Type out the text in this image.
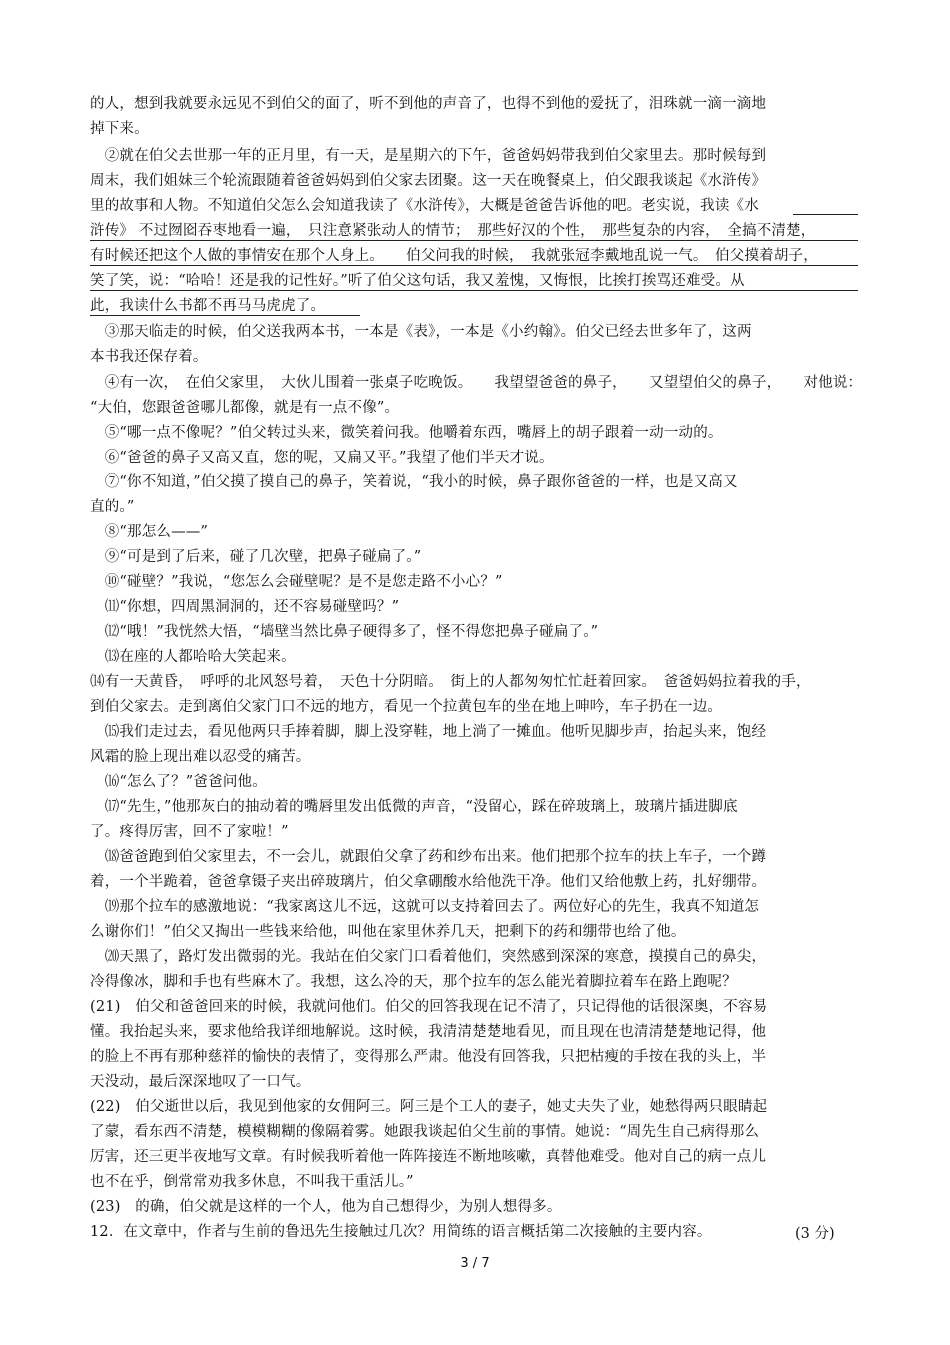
的人，想到我就要永远见不到伯父的面了，听不到他的声音了，也得不到他的爱抚了，泪珠就一滴一滴地
掉下来。
　②就在伯父去世那一年的正月里，有一天，是星期六的下午，爸爸妈妈带我到伯父家里去。那时候每到
周末，我们姐妹三个轮流跟随着爸爸妈妈到伯父家去团聚。这一天在晚餐桌上，伯父跟我谈起《水浒传》
里的故事和人物。不知道伯父怎么会知道我读了《水浒传》，大概是爸爸告诉他的吧。老实说，我读《水
浒传》 不过囫囵吞枣地看一遍，　只注意紧张动人的情节；　那些好汉的个性，　那些复杂的内容，　全搞不清楚，
有时候还把这个人做的事情安在那个人身上。　　伯父问我的时候，　我就张冠李戴地乱说一气。　伯父摸着胡子，
笑了笑，说：“哈哈！还是我的记性好。”听了伯父这句话，我又羞愧，又悔恨，比挨打挨骂还难受。从
此，我读什么书都不再马马虎虎了。
　③那天临走的时候，伯父送我两本书，一本是《表》，一本是《小约翰》。伯父已经去世多年了，这两
本书我还保存着。
　④有一次，　在伯父家里，　大伙儿围着一张桌子吃晚饭。　　我望望爸爸的鼻子，　　又望望伯父的鼻子，　　对他说：
“大伯，您跟爸爸哪儿都像，就是有一点不像”。
　⑤“哪一点不像呢？”伯父转过头来，微笑着问我。他嚼着东西，嘴唇上的胡子跟着一动一动的。
　⑥“爸爸的鼻子又高又直，您的呢，又扁又平。”我望了他们半天才说。
　⑦“你不知道，”伯父摸了摸自己的鼻子，笑着说，“我小的时候，鼻子跟你爸爸的一样，也是又高又
直的。”
　⑧“那怎么——”
　⑨“可是到了后来，碰了几次壁，把鼻子碰扁了。”
　⑩“碰壁？”我说，“您怎么会碰壁呢？是不是您走路不小心？”
　⑾“你想，四周黑洞洞的，还不容易碰壁吗？”
　⑿“哦！”我恍然大悟，“墙壁当然比鼻子硬得多了，怪不得您把鼻子碰扁了。”
　⒀在座的人都哈哈大笑起来。
⒁有一天黄昏，　呼呼的北风怒号着，　天色十分阴暗。　街上的人都匆匆忙忙赶着回家。　爸爸妈妈拉着我的手，
到伯父家去。走到离伯父家门口不远的地方，看见一个拉黄包车的坐在地上呻吟，车子扔在一边。
　⒂我们走过去，看见他两只手捧着脚，脚上没穿鞋，地上淌了一摊血。他听见脚步声，抬起头来，饱经
风霜的脸上现出难以忍受的痛苦。
　⒃“怎么了？”爸爸问他。
　⒄“先生，”他那灰白的抽动着的嘴唇里发出低微的声音，“没留心，踩在碎玻璃上，玻璃片插进脚底
了。疼得厉害，回不了家啦！”
　⒅爸爸跑到伯父家里去，不一会儿，就跟伯父拿了药和纱布出来。他们把那个拉车的扶上车子，一个蹲
着，一个半跪着，爸爸拿镊子夹出碎玻璃片，伯父拿硼酸水给他洗干净。他们又给他敷上药，扎好绷带。
　⒆那个拉车的感激地说：“我家离这儿不远，这就可以支持着回去了。两位好心的先生，我真不知道怎
么谢你们！”伯父又掏出一些钱来给他，叫他在家里休养几天，把剩下的药和绷带也给了他。
　⒇天黑了，路灯发出微弱的光。我站在伯父家门口看着他们，突然感到深深的寒意，摸摸自己的鼻尖，
冷得像冰，脚和手也有些麻木了。我想，这么冷的天，那个拉车的怎么能光着脚拉着车在路上跑呢？
(21)　伯父和爸爸回来的时候，我就问他们。伯父的回答我现在记不清了，只记得他的话很深奥，不容易
懂。我抬起头来，要求他给我详细地解说。这时候，我清清楚楚地看见，而且现在也清清楚楚地记得，他
的脸上不再有那种慈祥的愉快的表情了，变得那么严肃。他没有回答我，只把枯瘦的手按在我的头上，半
天没动，最后深深地叹了一口气。
(22)　伯父逝世以后，我见到他家的女佣阿三。阿三是个工人的妻子，她丈夫失了业，她愁得两只眼睛起
了蒙，看东西不清楚，模模糊糊的像隔着雾。她跟我谈起伯父生前的事情。她说：“周先生自己病得那么
厉害，还三更半夜地写文章。有时候我听着他一阵阵接连不断地咳嗽，真替他难受。他对自己的病一点儿
也不在乎，倒常常劝我多休息，不叫我干重活儿。”
(23)　的确，伯父就是这样的一个人，他为自己想得少，为别人想得多。
12．在文章中，作者与生前的鲁迅先生接触过几次？用简练的语言概括第二次接触的主要内容。	(3 分)
3 / 7
